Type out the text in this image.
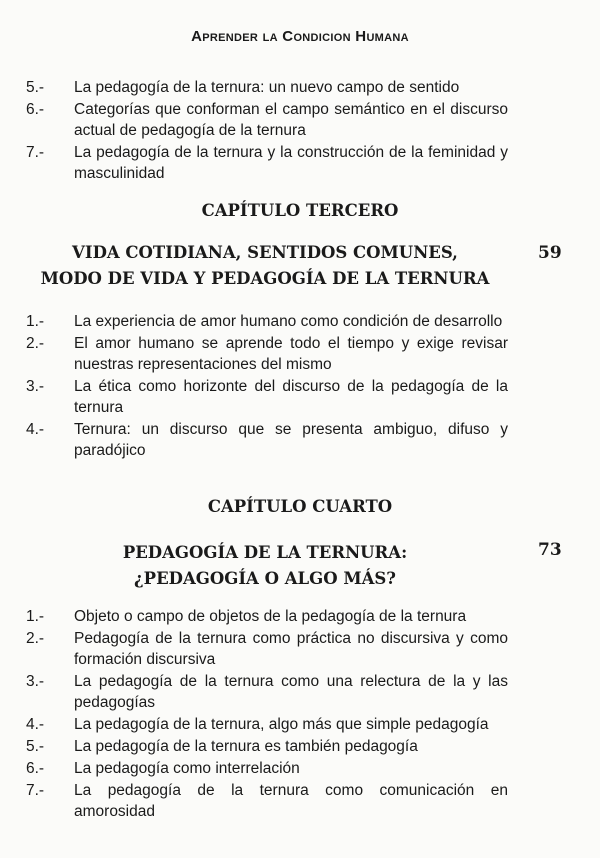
Aprender la Condicion Humana
5.- La pedagogía de la ternura: un nuevo campo de sentido
6.- Categorías que conforman el campo semántico en el discurso actual de pedagogía de la ternura
7.- La pedagogía de la ternura y la construcción de la feminidad y masculinidad
CAPÍTULO TERCERO
VIDA COTIDIANA, SENTIDOS COMUNES,
MODO DE VIDA Y PEDAGOGÍA DE LA TERNURA
59
1.- La experiencia de amor humano como condición de desarrollo
2.- El amor humano se aprende todo el tiempo y exige revisar nuestras representaciones del mismo
3.- La ética como horizonte del discurso de la pedagogía de la ternura
4.- Ternura: un discurso que se presenta ambiguo, difuso y paradójico
CAPÍTULO CUARTO
PEDAGOGÍA DE LA TERNURA:
¿PEDAGOGÍA O ALGO MÁS?
73
1.- Objeto o campo de objetos de la pedagogía de la ternura
2.- Pedagogía de la ternura como práctica no discursiva y como formación discursiva
3.- La pedagogía de la ternura como una relectura de la y las pedagogías
4.- La pedagogía de la ternura, algo más que simple pedagogía
5.- La pedagogía de la ternura es también pedagogía
6.- La pedagogía como interrelación
7.- La pedagogía de la ternura como comunicación en amorosidad
